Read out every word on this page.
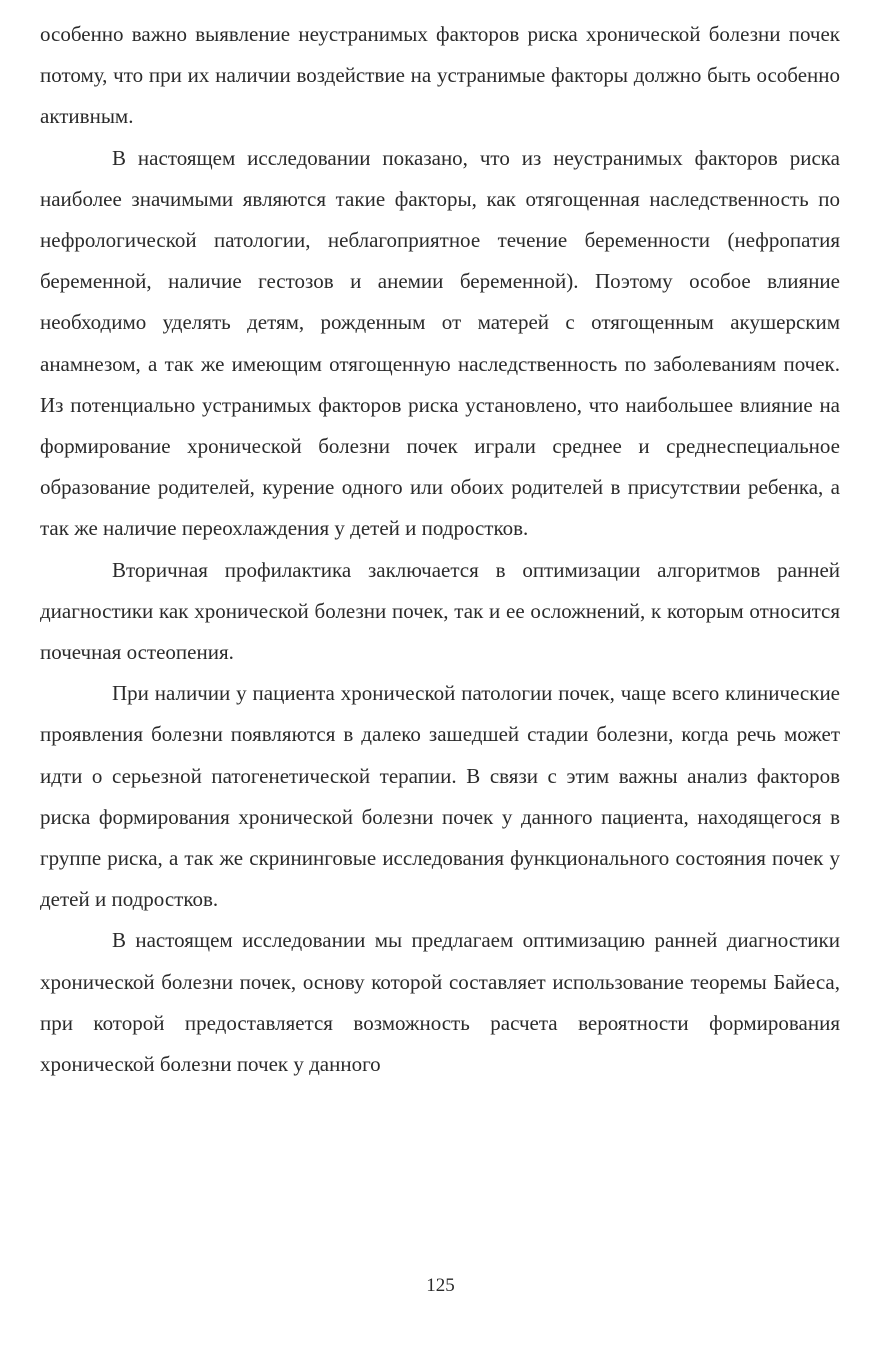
особенно важно выявление неустранимых факторов риска хронической болезни почек потому, что при их наличии воздействие на устранимые факторы должно быть особенно активным.

В настоящем исследовании показано, что из неустранимых факторов риска наиболее значимыми являются такие факторы, как отягощенная наследственность по нефрологической патологии, неблагоприятное течение беременности (нефропатия беременной, наличие гестозов и анемии беременной). Поэтому особое влияние необходимо уделять детям, рожденным от матерей с отягощенным акушерским анамнезом, а так же имеющим отягощенную наследственность по заболеваниям почек. Из потенциально устранимых факторов риска установлено, что наибольшее влияние на формирование хронической болезни почек играли среднее и среднеспециальное образование родителей, курение одного или обоих родителей в присутствии ребенка, а так же наличие переохлаждения у детей и подростков.

Вторичная профилактика заключается в оптимизации алгоритмов ранней диагностики как хронической болезни почек, так и ее осложнений, к которым относится почечная остеопения.

При наличии у пациента хронической патологии почек, чаще всего клинические проявления болезни появляются в далеко зашедшей стадии болезни, когда речь может идти о серьезной патогенетической терапии. В связи с этим важны анализ факторов риска формирования хронической болезни почек у данного пациента, находящегося в группе риска, а так же скрининговые исследования функционального состояния почек у детей и подростков.

В настоящем исследовании мы предлагаем оптимизацию ранней диагностики хронической болезни почек, основу которой составляет использование теоремы Байеса, при которой предоставляется возможность расчета вероятности формирования хронической болезни почек у данного

125
